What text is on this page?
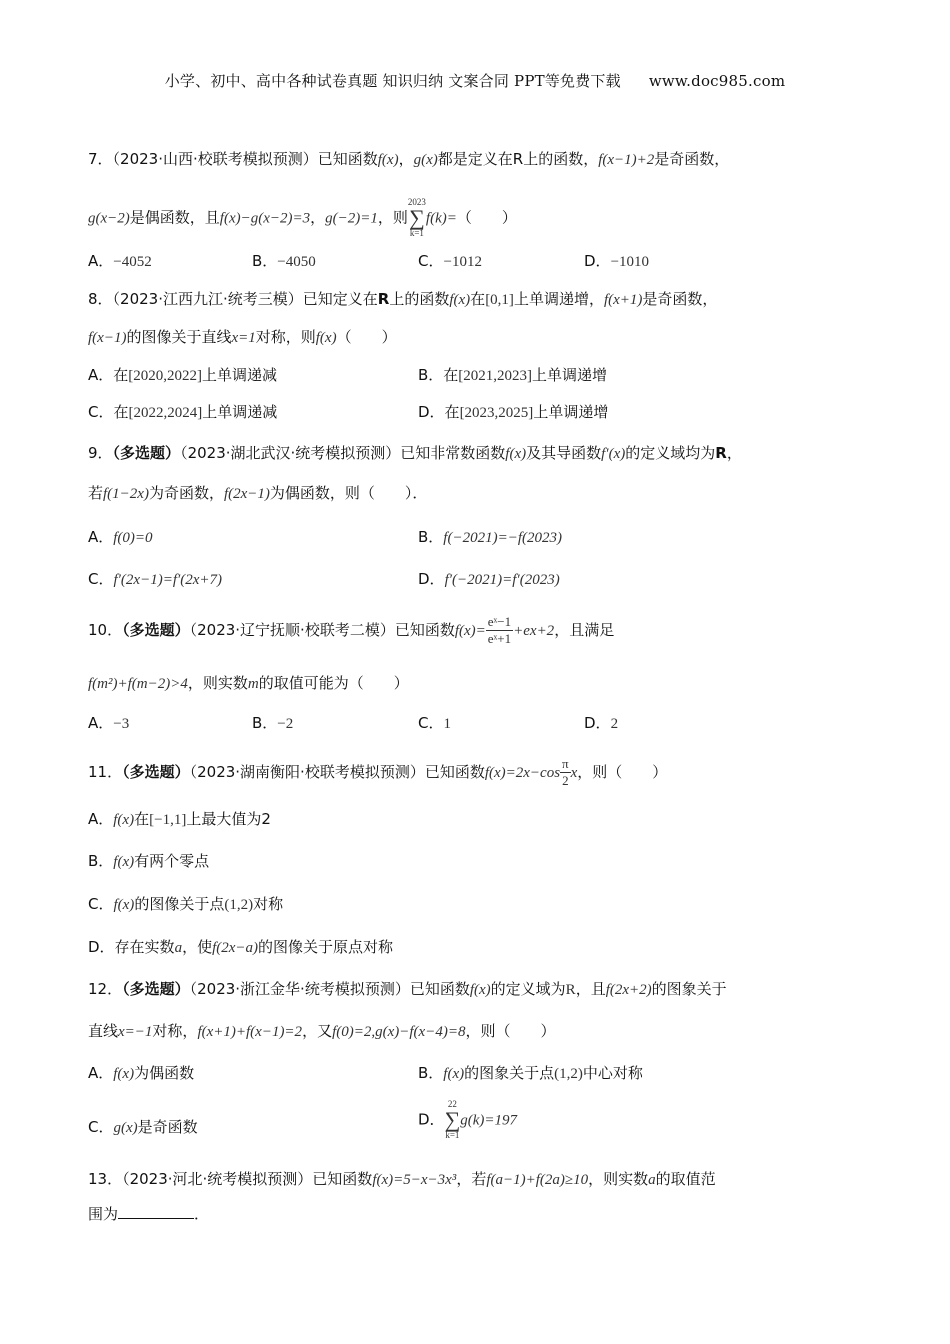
小学、初中、高中各种试卷真题 知识归纳 文案合同 PPT等免费下载 www.doc985.com
7．（2023·山西·校联考模拟预测）已知函数f(x)，g(x)都是定义在R上的函数，f(x−1)+2是奇函数，
g(x−2)是偶函数，且f(x)−g(x−2)=3，g(−2)=1，则
2023
∑
k=1
f(k)=（　　）
A．−4052	B．−4050	C．−1012	D．−1010
8．（2023·江西九江·统考三模）已知定义在R上的函数f(x)在[0,1]上单调递增，f(x+1)是奇函数，
f(x−1)的图像关于直线x=1对称，则f(x)（　　）
A．在[2020,2022]上单调递减	B．在[2021,2023]上单调递增
C．在[2022,2024]上单调递减	D．在[2023,2025]上单调递增
9．（多选题）（2023·湖北武汉·统考模拟预测）已知非常数函数f(x)及其导函数f′(x)的定义域均为R，
若f(1−2x)为奇函数，f(2x−1)为偶函数，则（　　）．
A．f(0)=0	B．f(−2021)=−f(2023)
C．f′(2x−1)=f′(2x+7)	D．f′(−2021)=f′(2023)
10．（多选题）（2023·辽宁抚顺·校联考二模）已知函数$f(x)= \frac{\text{eˣ−1}}{\text{eˣ+1}} +ex+2$，且满足
f(m²)+f(m−2)>4，则实数m的取值可能为（　　）
A．−3	B．−2	C．1	D．2
11．（多选题）（2023·湖南衡阳·校联考模拟预测）已知函数$f(x)=2x-\cos \frac{\pi}{2}$ x，则（　　）
A．f(x)在[−1,1]上最大值为2
B．f(x)有两个零点
C．f(x)的图像关于点(1,2)对称
D．存在实数a，使f(2x−a)的图像关于原点对称
12．（多选题）（2023·浙江金华·统考模拟预测）已知函数f(x)的定义域为R，且f(2x+2)的图象关于
直线x=−1对称，f(x+1)+f(x−1)=2，又f(0)=2,g(x)−f(x−4)=8，则（　　）
A．f(x)为偶函数	B．f(x)的图象关于点(1,2)中心对称
C．g(x)是奇函数	D．
22
∑
k=1
g(k)=197
13．（2023·河北·统考模拟预测）已知函数f(x)=5−x−3x³，若f(a−1)+f(2a)≥10，则实数a的取值范
围为	．
